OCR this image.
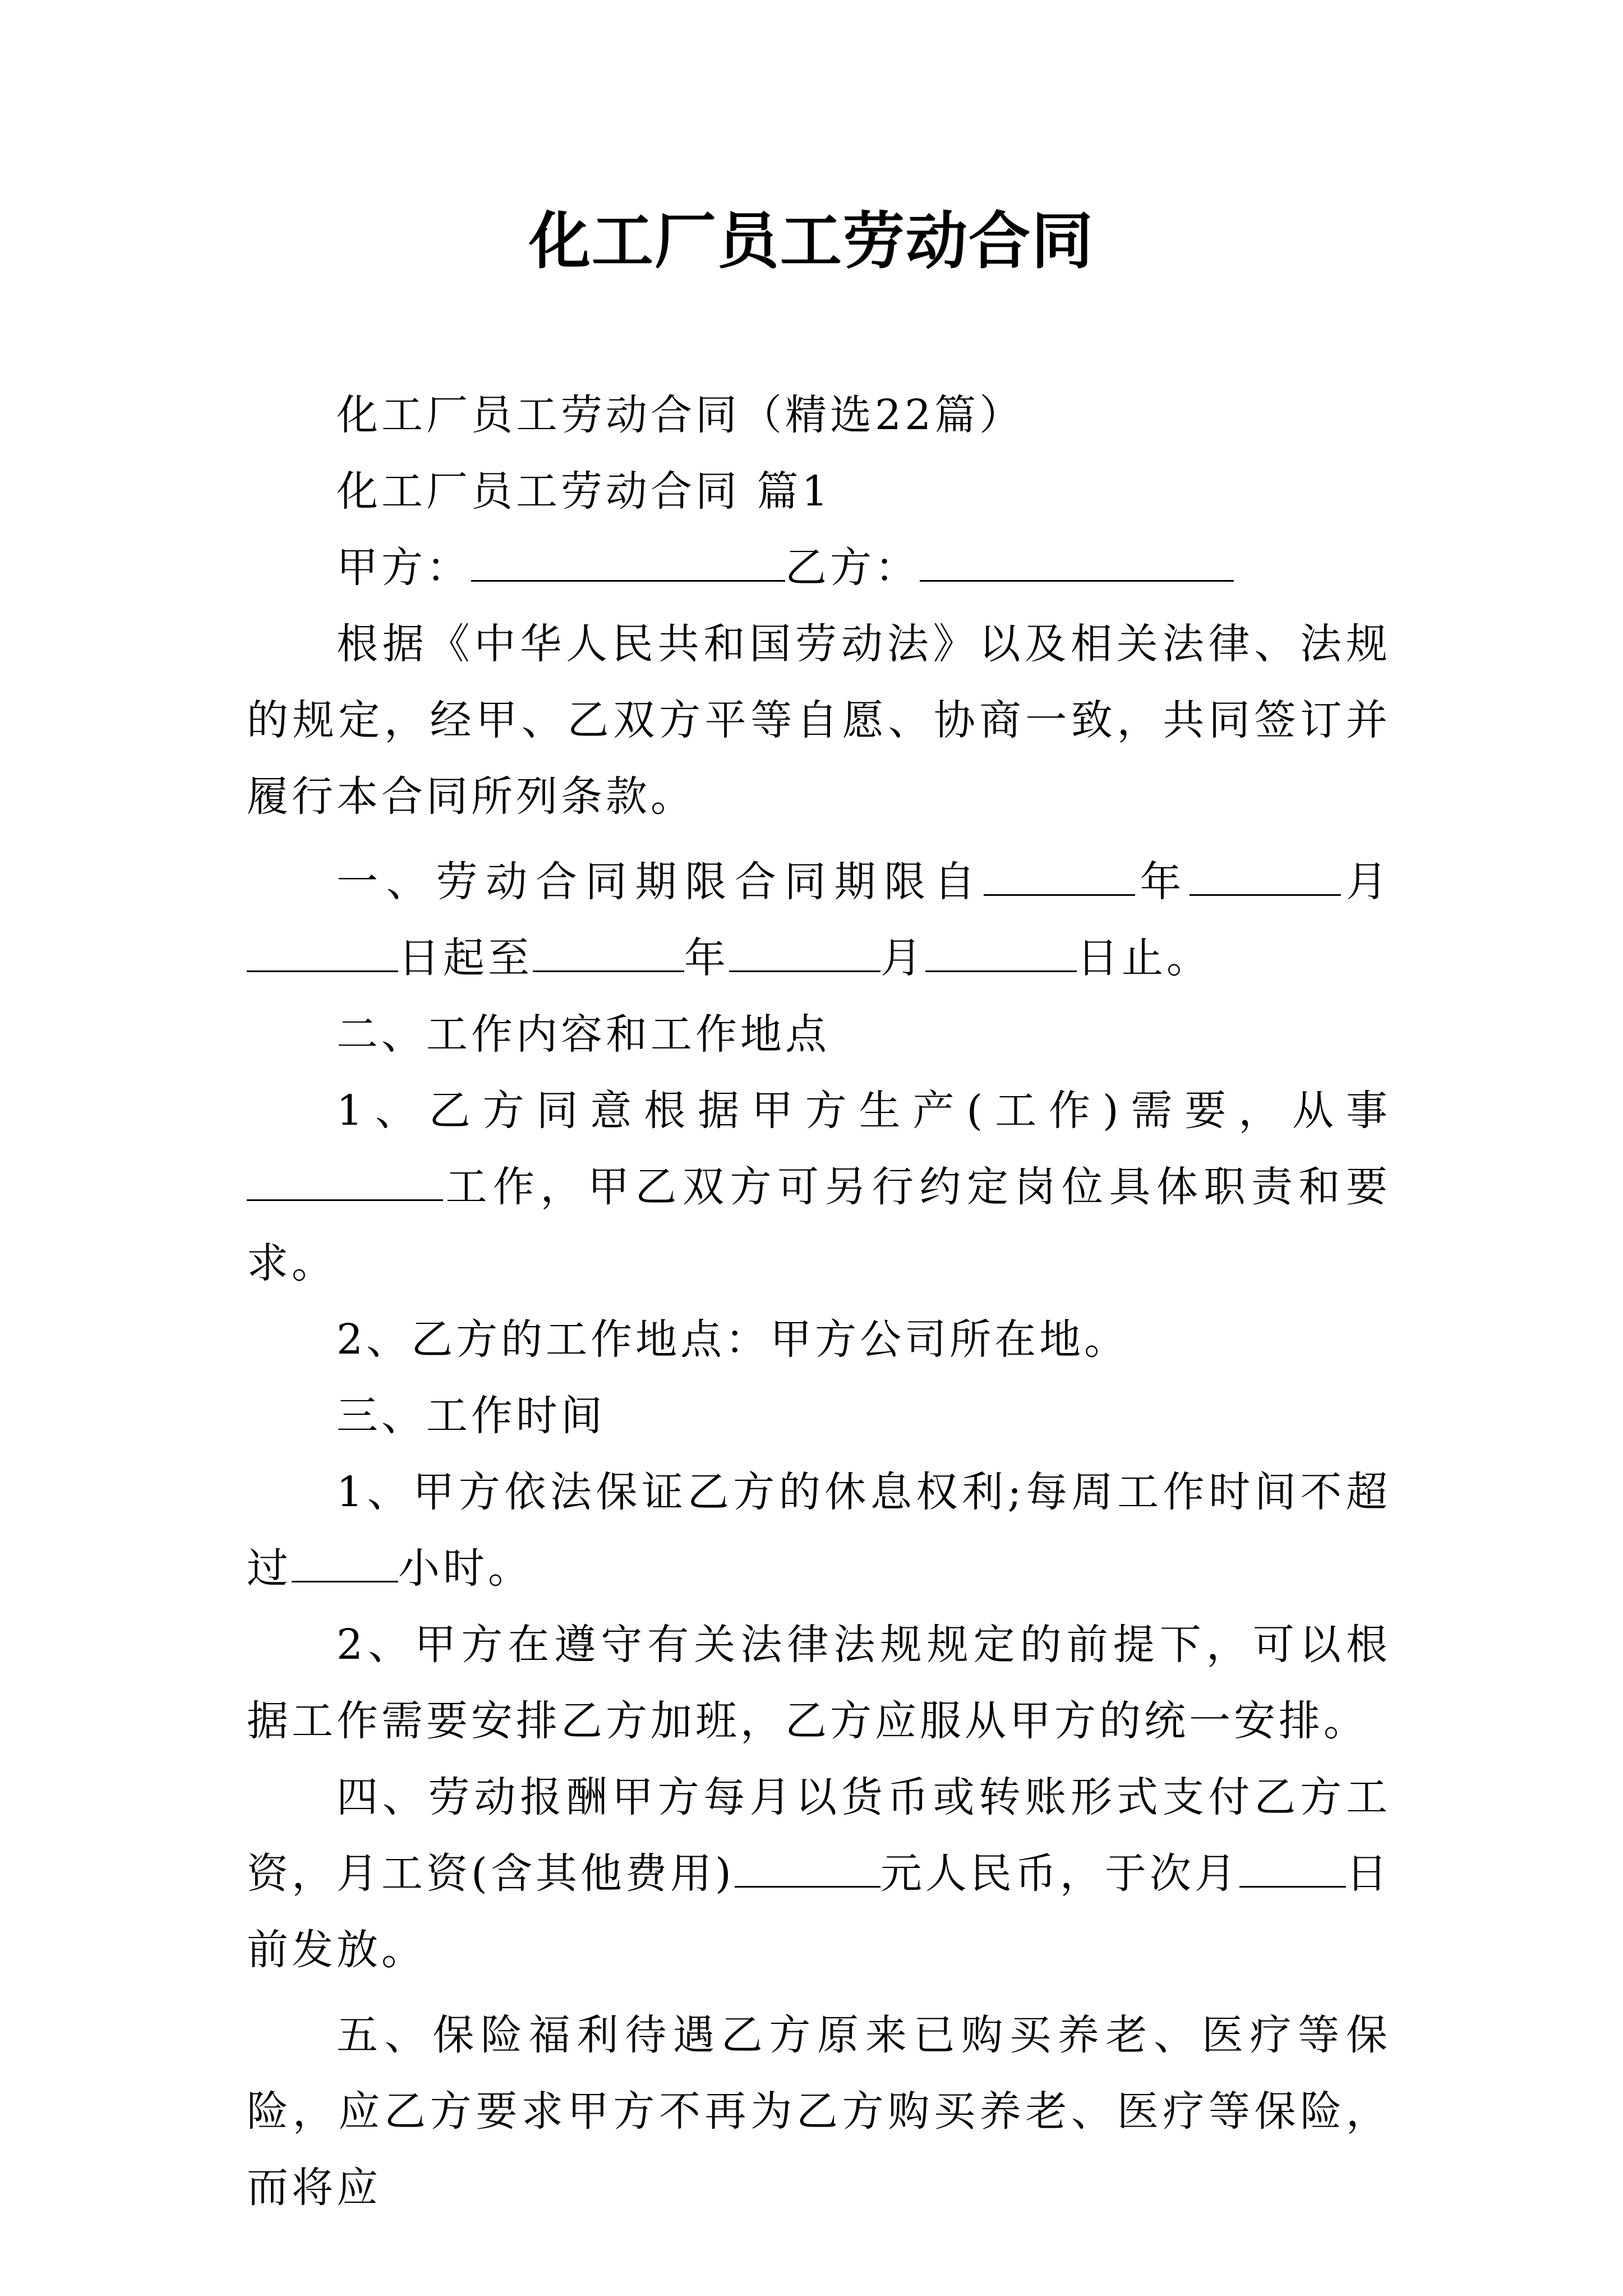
化工厂员工劳动合同

化工厂员工劳动合同（精选22篇）

化工厂员工劳动合同 篇1

甲方：	乙方：

根据《中华人民共和国劳动法》以及相关法律、法规的规定，经甲、乙双方平等自愿、协商一致，共同签订并履行本合同所列条款。

一、劳动合同期限合同期限自	年	月日起至	年	月	日止。

二、工作内容和工作地点

1、乙方同意根据甲方生产(工作)需要，从事工作，甲乙双方可另行约定岗位具体职责和要求。

2、乙方的工作地点：甲方公司所在地。

三、工作时间

1、甲方依法保证乙方的休息权利;每周工作时间不超过	小时。

2、甲方在遵守有关法律法规规定的前提下，可以根据工作需要安排乙方加班，乙方应服从甲方的统一安排。

四、劳动报酬甲方每月以货币或转账形式支付乙方工资，月工资(含其他费用)	元人民币，于次月	日前发放。

五、保险福利待遇乙方原来已购买养老、医疗等保险，应乙方要求甲方不再为乙方购买养老、医疗等保险，而将应
